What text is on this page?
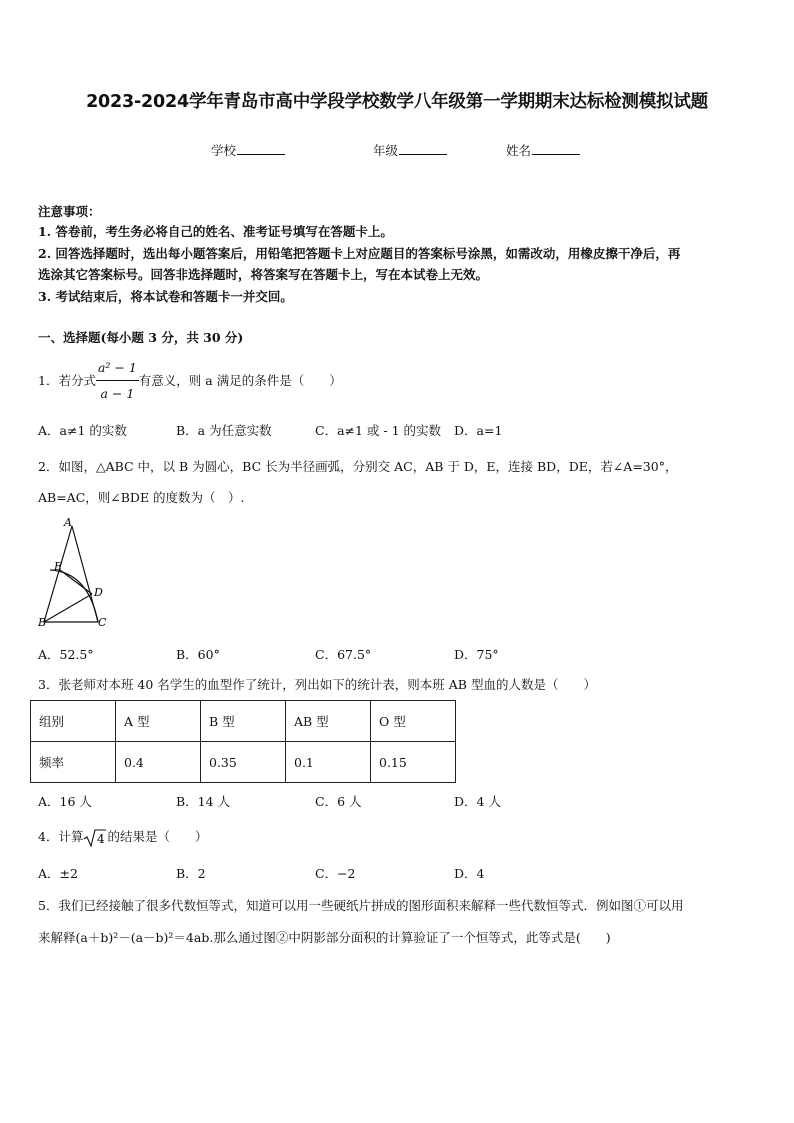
2023-2024学年青岛市高中学段学校数学八年级第一学期期末达标检测模拟试题
学校	年级	姓名
注意事项：
1. 答卷前，考生务必将自己的姓名、准考证号填写在答题卡上。
2. 回答选择题时，选出每小题答案后，用铅笔把答题卡上对应题目的答案标号涂黑，如需改动，用橡皮擦干净后，再
选涂其它答案标号。回答非选择题时，将答案写在答题卡上，写在本试卷上无效。
3. 考试结束后，将本试卷和答题卡一并交回。
一、选择题(每小题 3 分，共 30 分)
1．若分式 $\frac{\text{a² − 1}}{a - 1}$ 有意义，则 a 满足的条件是（　　）
A．a≠1 的实数	B．a 为任意实数	C．a≠1 或 - 1 的实数 D．a=1
2．如图，△ABC 中，以 B 为圆心，BC 长为半径画弧，分别交 AC，AB 于 D，E，连接 BD，DE，若∠A=30°，
AB=AC，则∠BDE 的度数为（　）.
A
E
D
B	C
A．52.5°	B．60°	C．67.5°	D．75°
3．张老师对本班 40 名学生的血型作了统计，列出如下的统计表，则本班 AB 型血的人数是（　　）
组别	A 型	B 型	AB 型	O 型
频率	0.4	0.35	0.1	0.15
A．16 人	B．14 人	C．6 人	D．4 人
4．计算 4 的结果是（　　）
A．±2	B．2	C．−2	D．4
5．我们已经接触了很多代数恒等式，知道可以用一些硬纸片拼成的图形面积来解释一些代数恒等式．例如图①可以用
来解释(a＋b)²－(a－b)²＝4ab.那么通过图②中阴影部分面积的计算验证了一个恒等式，此等式是(　　)
